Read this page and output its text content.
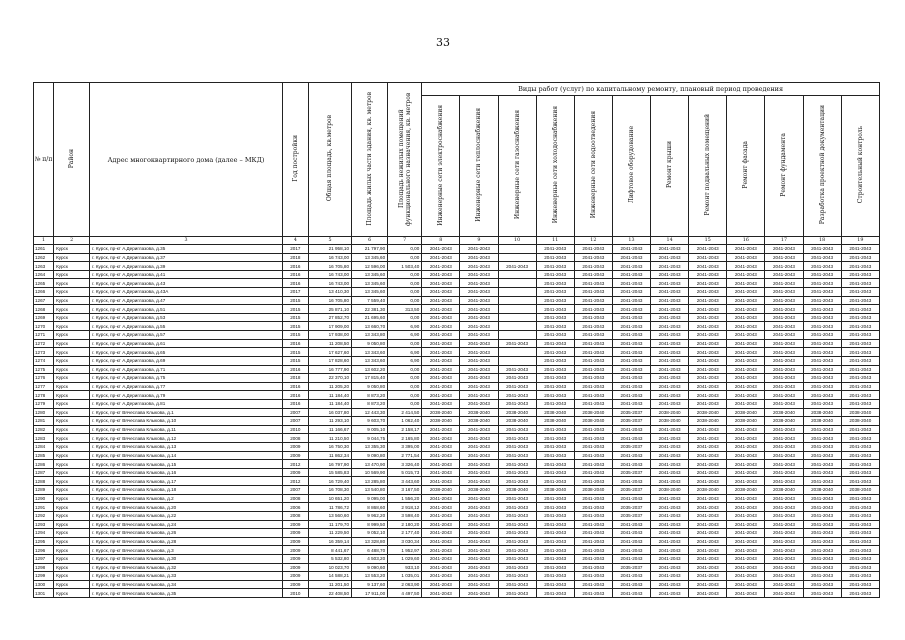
33
№ п/п	Район	Адрес многоквартирного дома (далее – МКД)	Год постройки	Общая площадь, кв.метров	Площадь жилых части здания, кв. метров	Площадь нежилых помещений функционального назначения, кв. метров	Виды работ (услуг) по капитальному ремонту, плановый период проведения											
							Инженерные сети электроснабжения	Инженерные сети теплоснабжения	Инженерные сети газоснабжения	Инженерные сети холодоснабжения	Инженерные сети водоотведения	Лифтовое оборудование	Ремонт крыши	Ремонт подвальных помещений	Ремонт фасада	Ремонт фундамента	Разработка проектной документации	Строительный контроль
1	2	3	4	5	6	7	8	9	10	11	12	13	14	15	16	17	18	19
1261	Курск	г. Курск, пр-кт А.Дериглазова, д.35	2017	21 958,10	21 797,90	0,00	2041-2043	2041-2043		2041-2043	2041-2043	2041-2043	2041-2043	2041-2043	2041-2043	2041-2043	2041-2043	2041-2043
1262	Курск	г. Курск, пр-кт А.Дериглазова, д.37	2018	16 743,00	13 345,60	0,00	2041-2043	2041-2043		2041-2043	2041-2043	2041-2043	2041-2043	2041-2043	2041-2043	2041-2043	2041-2043	2041-2043
1263	Курск	г. Курск, пр-кт А.Дериглазова, д.39	2016	16 705,80	12 596,00	1 503,40	2041-2043	2041-2043	2041-2043	2041-2043	2041-2043	2041-2043	2041-2043	2041-2043	2041-2043	2041-2043	2041-2043	2041-2043
1264	Курск	г. Курск, пр-кт А.Дериглазова, д.41	2016	16 743,00	13 345,60	0,00	2041-2043	2041-2043		2041-2043	2041-2043	2041-2043	2041-2043	2041-2043	2041-2043	2041-2043	2041-2043	2041-2043
1265	Курск	г. Курск, пр-кт А.Дериглазова, д.43	2016	16 743,00	13 345,60	0,00	2041-2043	2041-2043		2041-2043	2041-2043	2041-2043	2041-2043	2041-2043	2041-2043	2041-2043	2041-2043	2041-2043
1266	Курск	г. Курск, пр-кт А.Дериглазова, д.43А	2017	13 410,30	13 345,60	0,00	2041-2043	2041-2043		2041-2043	2041-2043	2041-2043	2041-2043	2041-2043	2041-2043	2041-2043	2041-2043	2041-2043
1267	Курск	г. Курск, пр-кт А.Дериглазова, д.47	2015	16 705,80	7 559,40	0,00	2041-2043	2041-2043		2041-2043	2041-2043	2041-2043	2041-2043	2041-2043	2041-2043	2041-2043	2041-2043	2041-2043
1268	Курск	г. Курск, пр-кт А.Дериглазова, д.51	2015	25 871,10	22 381,30	313,50	2041-2043	2041-2043		2041-2043	2041-2043	2041-2043	2041-2043	2041-2043	2041-2043	2041-2043	2041-2043	2041-2043
1269	Курск	г. Курск, пр-кт А.Дериглазова, д.53	2015	27 852,70	21 695,60	0,00	2041-2043	2041-2043		2041-2043	2041-2043	2041-2043	2041-2043	2041-2043	2041-2043	2041-2043	2041-2043	2041-2043
1270	Курск	г. Курск, пр-кт А.Дериглазова, д.55	2015	17 909,00	13 660,70	6,90	2041-2043	2041-2043		2041-2043	2041-2043	2041-2043	2041-2043	2041-2043	2041-2043	2041-2043	2041-2043	2041-2043
1271	Курск	г. Курск, пр-кт А.Дериглазова, д.57	2015	17 938,00	13 343,80	6,90	2041-2043	2041-2043		2041-2043	2041-2043	2041-2043	2041-2043	2041-2043	2041-2043	2041-2043	2041-2043	2041-2043
1272	Курск	г. Курск, пр-кт А.Дериглазова, д.61	2016	11 208,50	9 050,80	0,00	2041-2043	2041-2043	2041-2043	2041-2043	2041-2043	2041-2043	2041-2043	2041-2043	2041-2043	2041-2043	2041-2043	2041-2043
1273	Курск	г. Курск, пр-кт А.Дериглазова, д.65	2015	17 627,60	13 343,60	6,90	2041-2043	2041-2043		2041-2043	2041-2043	2041-2043	2041-2043	2041-2043	2041-2043	2041-2043	2041-2043	2041-2043
1274	Курск	г. Курск, пр-кт А.Дериглазова, д.69	2015	17 828,60	13 343,60	6,90	2041-2043	2041-2043		2041-2043	2041-2043	2041-2043	2041-2043	2041-2043	2041-2043	2041-2043	2041-2043	2041-2043
1275	Курск	г. Курск, пр-кт А.Дериглазова, д.71	2016	16 777,90	13 602,20	0,00	2041-2043	2041-2043	2041-2043	2041-2043	2041-2043	2041-2043	2041-2043	2041-2043	2041-2043	2041-2043	2041-2043	2041-2043
1276	Курск	г. Курск, пр-кт А.Дериглазова, д.75	2018	22 370,10	17 815,40	0,00	2041-2043	2041-2043	2041-2043	2041-2043	2041-2043	2041-2043	2041-2043	2041-2043	2041-2043	2041-2043	2041-2043	2041-2043
1277	Курск	г. Курск, пр-кт А.Дериглазова, д.77	2016	11 205,20	9 050,80	0,00	2041-2043	2041-2043	2041-2043	2041-2043	2041-2043	2041-2043	2041-2043	2041-2043	2041-2043	2041-2043	2041-2043	2041-2043
1278	Курск	г. Курск, пр-кт А.Дериглазова, д.79	2016	11 184,40	8 873,20	0,00	2041-2043	2041-2043	2041-2043	2041-2043	2041-2043	2041-2043	2041-2043	2041-2043	2041-2043	2041-2043	2041-2043	2041-2043
1279	Курск	г. Курск, пр-кт А.Дериглазова, д.81	2016	11 184,40	8 873,20	0,00	2041-2043	2041-2043	2041-2043	2041-2043	2041-2043	2041-2043	2041-2043	2041-2043	2041-2043	2041-2043	2041-2043	2041-2043
1280	Курск	г. Курск, пр-кт Вячеслава Клыкова, д.1	2007	16 037,80	12 443,30	2 414,50	2038-2040	2038-2040	2038-2040	2038-2040	2038-2040	2035-2037	2038-2040	2038-2040	2038-2040	2038-2040	2038-2040	2038-2040
1281	Курск	г. Курск, пр-кт Вячеслава Клыкова, д.10	2007	11 293,10	9 603,70	1 062,40	2038-2040	2038-2040	2038-2040	2038-2040	2038-2040	2035-2037	2038-2040	2038-2040	2038-2040	2038-2040	2038-2040	2038-2040
1282	Курск	г. Курск, пр-кт Вячеслава Клыкова, д.11	2010	11 166,67	9 005,10	2 158,17	2041-2043	2041-2043	2041-2043	2041-2043	2041-2043	2041-2043	2041-2043	2041-2043	2041-2043	2041-2043	2041-2043	2041-2043
1283	Курск	г. Курск, пр-кт Вячеслава Клыкова, д.12	2008	11 210,50	9 044,75	2 165,80	2041-2043	2041-2043	2041-2043	2041-2043	2041-2043	2041-2043	2041-2043	2041-2043	2041-2043	2041-2043	2041-2043	2041-2043
1284	Курск	г. Курск, пр-кт Вячеслава Клыкова, д.13	2009	16 750,30	13 355,30	3 395,00	2041-2043	2041-2043	2041-2043	2041-2043	2041-2043	2035-2037	2041-2043	2041-2043	2041-2043	2041-2043	2041-2043	2041-2043
1285	Курск	г. Курск, пр-кт Вячеслава Клыкова, д.14	2009	11 862,34	9 090,80	2 771,54	2041-2043	2041-2043	2041-2043	2041-2043	2041-2043	2041-2043	2041-2043	2041-2043	2041-2043	2041-2043	2041-2043	2041-2043
1286	Курск	г. Курск, пр-кт Вячеслава Клыкова, д.15	2012	16 797,90	13 470,90	3 326,40	2041-2043	2041-2043	2041-2043	2041-2043	2041-2043	2041-2043	2041-2043	2041-2043	2041-2043	2041-2043	2041-2043	2041-2043
1287	Курск	г. Курск, пр-кт Вячеслава Клыкова, д.16	2009	15 585,83	10 569,90	5 015,73	2041-2043	2041-2043	2041-2043	2041-2043	2041-2043	2035-2037	2041-2043	2041-2043	2041-2043	2041-2043	2041-2043	2041-2043
1288	Курск	г. Курск, пр-кт Вячеслава Клыкова, д.17	2012	16 729,40	13 285,80	3 443,60	2041-2043	2041-2043	2041-2043	2041-2043	2041-2043	2041-2043	2041-2043	2041-2043	2041-2043	2041-2043	2041-2043	2041-2043
1289	Курск	г. Курск, пр-кт Вячеслава Клыкова, д.18	2007	16 708,30	13 540,80	3 167,50	2038-2040	2038-2040	2038-2040	2038-2040	2038-2040	2035-2037	2038-2040	2038-2040	2038-2040	2038-2040	2038-2040	2038-2040
1290	Курск	г. Курск, пр-кт Вячеслава Клыкова, д.2	2008	10 651,20	9 095,00	1 556,20	2041-2043	2041-2043	2041-2043	2041-2043	2041-2043	2041-2043	2041-2043	2041-2043	2041-2043	2041-2043	2041-2043	2041-2043
1291	Курск	г. Курск, пр-кт Вячеслава Клыкова, д.20	2006	11 786,72	8 868,60	2 918,12	2041-2043	2041-2043	2041-2043	2041-2043	2041-2043	2035-2037	2041-2043	2041-2043	2041-2043	2041-2043	2041-2043	2041-2043
1292	Курск	г. Курск, пр-кт Вячеслава Клыкова, д.22	2008	13 560,60	9 962,20	3 598,40	2041-2043	2041-2043	2041-2043	2041-2043	2041-2043	2035-2037	2041-2043	2041-2043	2041-2043	2041-2043	2041-2043	2041-2043
1293	Курск	г. Курск, пр-кт Вячеслава Клыкова, д.24	2009	11 179,70	8 999,50	2 180,20	2041-2043	2041-2043	2041-2043	2041-2043	2041-2043	2041-2043	2041-2043	2041-2043	2041-2043	2041-2043	2041-2043	2041-2043
1294	Курск	г. Курск, пр-кт Вячеслава Клыкова, д.26	2009	11 229,50	9 052,10	2 177,40	2041-2043	2041-2043	2041-2043	2041-2043	2041-2043	2041-2043	2041-2043	2041-2043	2041-2043	2041-2043	2041-2043	2041-2043
1295	Курск	г. Курск, пр-кт Вячеслава Клыкова, д.28	2009	16 359,14	13 328,80	3 030,34	2041-2043	2041-2043	2041-2043	2041-2043	2041-2043	2041-2043	2041-2043	2041-2043	2041-2043	2041-2043	2041-2043	2041-2043
1296	Курск	г. Курск, пр-кт Вячеслава Клыкова, д.3	2009	8 441,67	6 488,70	1 952,97	2041-2043	2041-2043	2041-2043	2041-2043	2041-2043	2041-2043	2041-2043	2041-2043	2041-2043	2041-2043	2041-2043	2041-2043
1297	Курск	г. Курск, пр-кт Вячеслава Клыкова, д.30	2009	5 532,80	4 503,20	1 029,60	2041-2043	2041-2043	2041-2043	2041-2043	2041-2043	2041-2043	2041-2043	2041-2043	2041-2043	2041-2043	2041-2043	2041-2043
1298	Курск	г. Курск, пр-кт Вячеслава Клыкова, д.32	2009	10 023,70	9 090,60	933,10	2041-2043	2041-2043	2041-2043	2041-2043	2041-2043	2035-2037	2041-2043	2041-2043	2041-2043	2041-2043	2041-2043	2041-2043
1299	Курск	г. Курск, пр-кт Вячеслава Клыкова, д.33	2009	14 588,21	13 553,20	1 035,01	2041-2043	2041-2043	2041-2043	2041-2043	2041-2043	2041-2043	2041-2043	2041-2043	2041-2043	2041-2043	2041-2043	2041-2043
1300	Курск	г. Курск, пр-кт Вячеслава Клыкова, д.34	2009	11 201,50	9 137,60	2 063,90	2041-2043	2041-2043	2041-2043	2041-2043	2041-2043	2041-2043	2041-2043	2041-2043	2041-2043	2041-2043	2041-2043	2041-2043
1301	Курск	г. Курск, пр-кт Вячеслава Клыкова, д.35	2010	22 408,50	17 911,00	4 497,50	2041-2043	2041-2043	2041-2043	2041-2043	2041-2043	2041-2043	2041-2043	2041-2043	2041-2043	2041-2043	2041-2043	2041-2043
